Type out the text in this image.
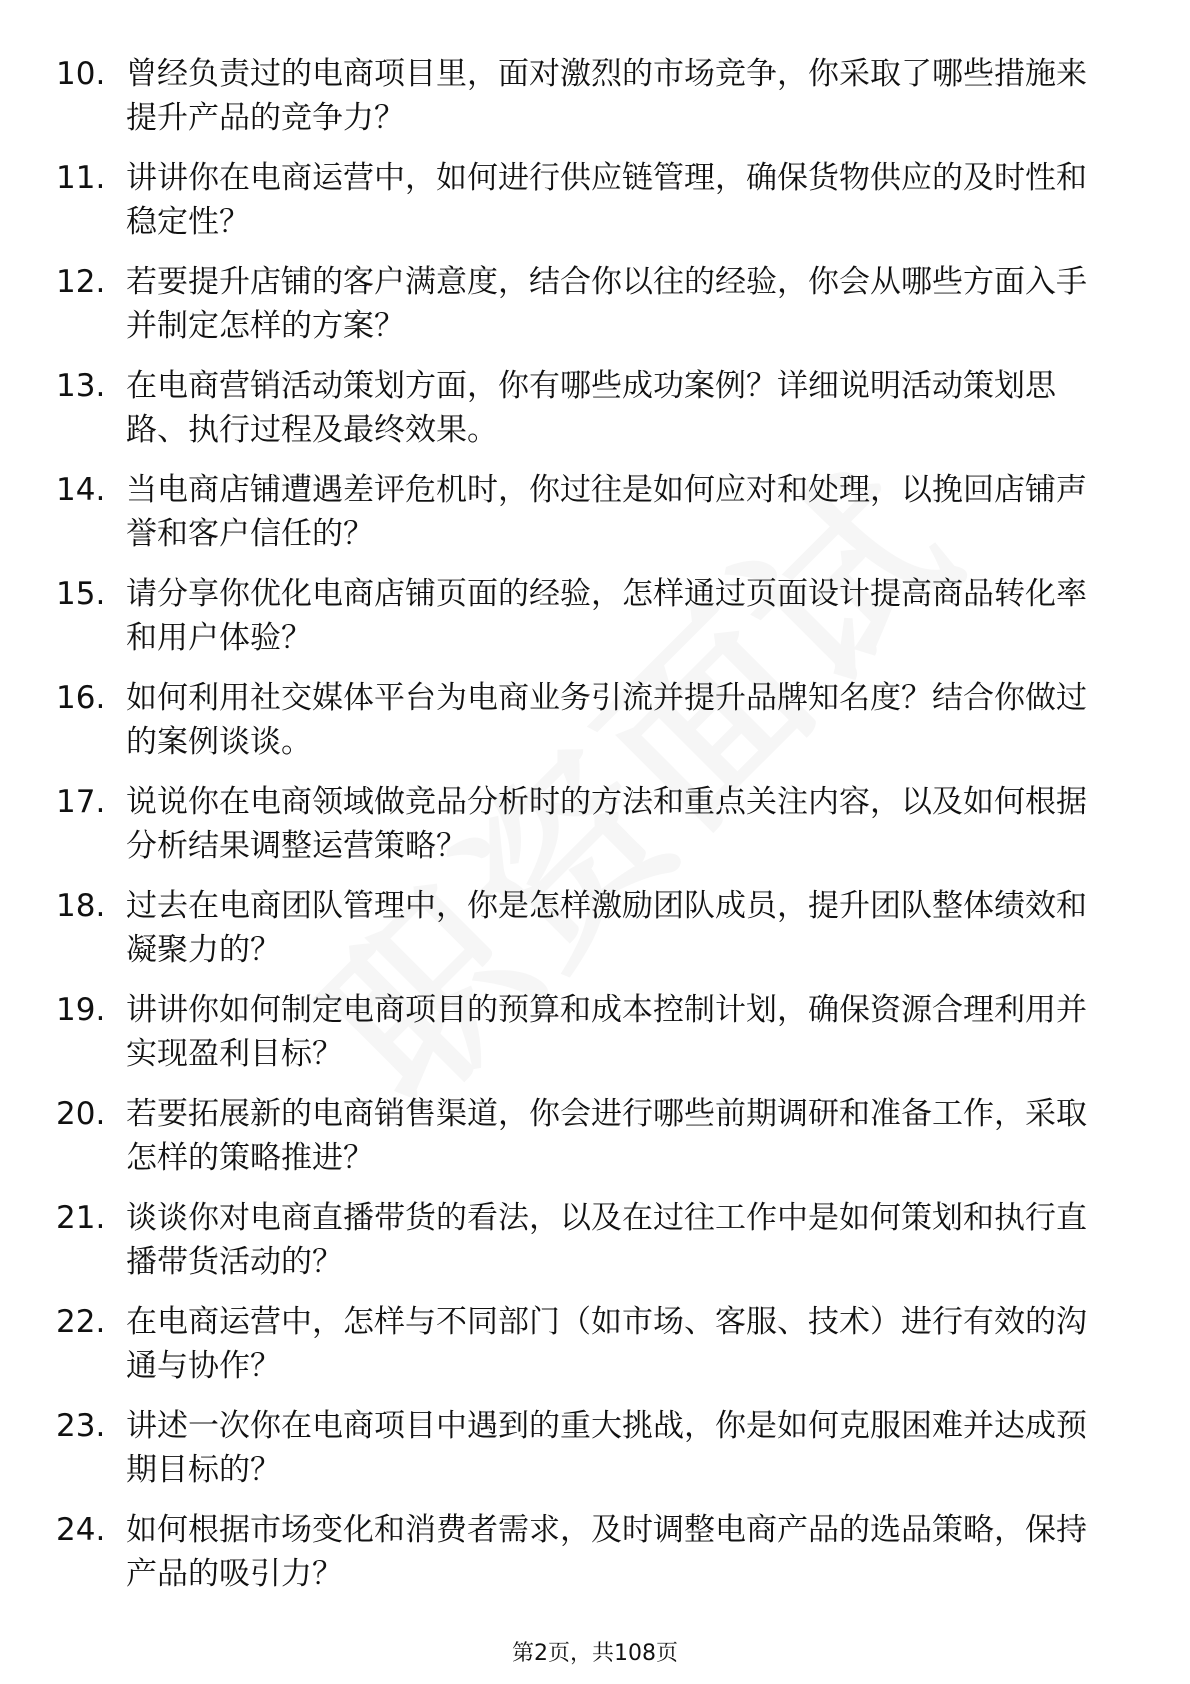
10. 曾经负责过的电商项目里，面对激烈的市场竞争，你采取了哪些措施来提升产品的竞争力？
11. 讲讲你在电商运营中，如何进行供应链管理，确保货物供应的及时性和稳定性？
12. 若要提升店铺的客户满意度，结合你以往的经验，你会从哪些方面入手并制定怎样的方案？
13. 在电商营销活动策划方面，你有哪些成功案例？详细说明活动策划思路、执行过程及最终效果。
14. 当电商店铺遭遇差评危机时，你过往是如何应对和处理，以挽回店铺声誉和客户信任的？
15. 请分享你优化电商店铺页面的经验，怎样通过页面设计提高商品转化率和用户体验？
16. 如何利用社交媒体平台为电商业务引流并提升品牌知名度？结合你做过的案例谈谈。
17. 说说你在电商领域做竞品分析时的方法和重点关注内容，以及如何根据分析结果调整运营策略？
18. 过去在电商团队管理中，你是怎样激励团队成员，提升团队整体绩效和凝聚力的？
19. 讲讲你如何制定电商项目的预算和成本控制计划，确保资源合理利用并实现盈利目标？
20. 若要拓展新的电商销售渠道，你会进行哪些前期调研和准备工作，采取怎样的策略推进？
21. 谈谈你对电商直播带货的看法，以及在过往工作中是如何策划和执行直播带货活动的？
22. 在电商运营中，怎样与不同部门（如市场、客服、技术）进行有效的沟通与协作？
23. 讲述一次你在电商项目中遇到的重大挑战，你是如何克服困难并达成预期目标的？
24. 如何根据市场变化和消费者需求，及时调整电商产品的选品策略，保持产品的吸引力？
第2页，共108页
